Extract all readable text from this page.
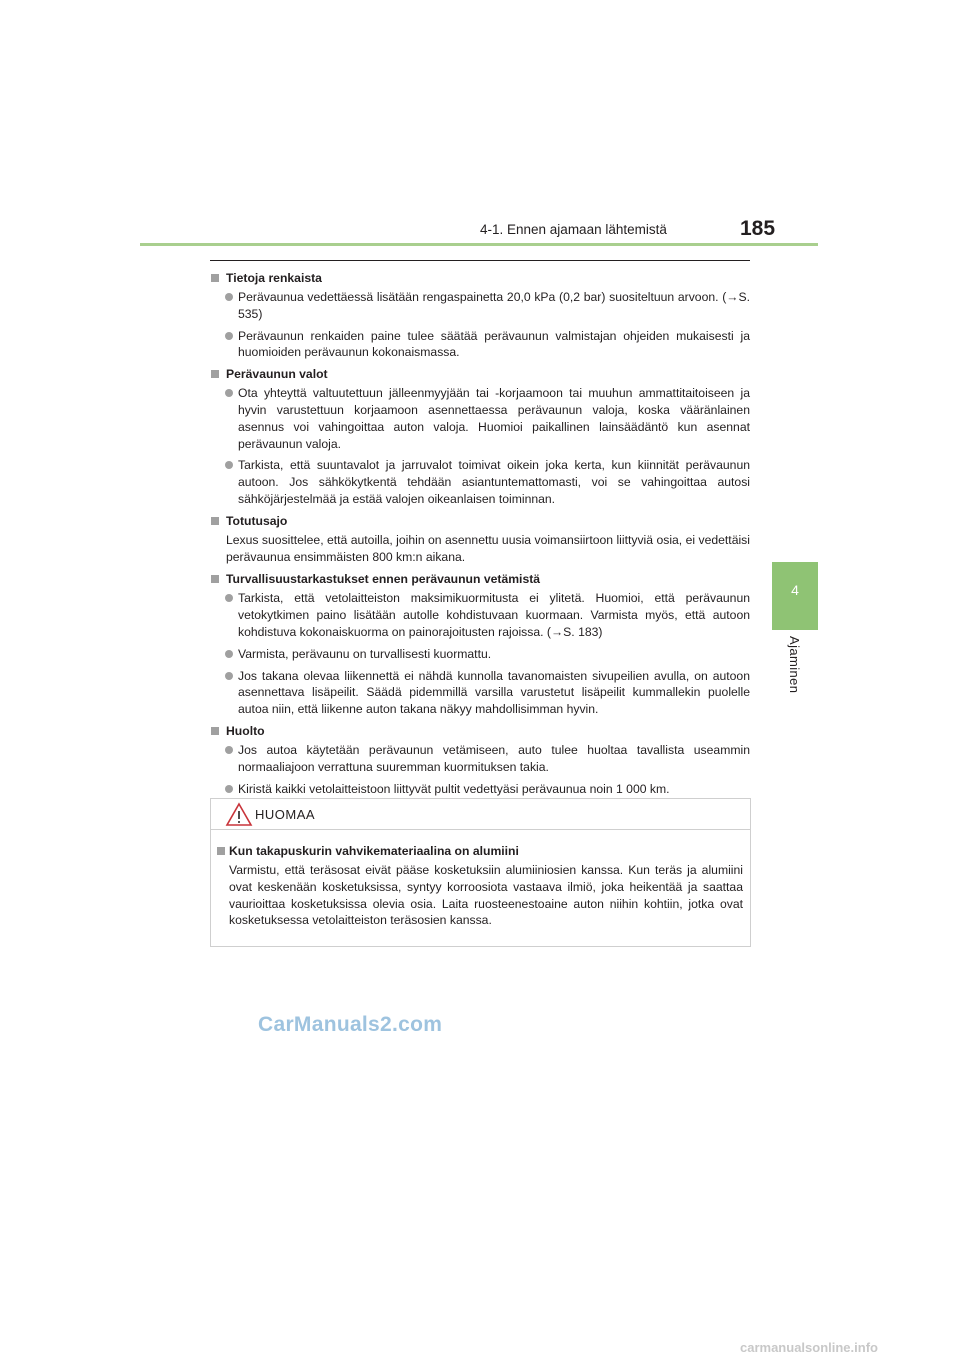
4-1. Ennen ajamaan lähtemistä	185
4
Ajaminen
Tietoja renkaista
Perävaunua vedettäessä lisätään rengaspainetta 20,0 kPa (0,2 bar) suositeltuun arvoon. (→S. 535)
Perävaunun renkaiden paine tulee säätää perävaunun valmistajan ohjeiden mukaisesti ja huomioiden perävaunun kokonaismassa.
Perävaunun valot
Ota yhteyttä valtuutettuun jälleenmyyjään tai -korjaamoon tai muuhun ammattitaitoiseen ja hyvin varustettuun korjaamoon asennettaessa perävaunun valoja, koska vääränlainen asennus voi vahingoittaa auton valoja. Huomioi paikallinen lainsäädäntö kun asennat perävaunun valoja.
Tarkista, että suuntavalot ja jarruvalot toimivat oikein joka kerta, kun kiinnität perävaunun autoon. Jos sähkökytkentä tehdään asiantuntemattomasti, voi se vahingoittaa autosi sähköjärjestelmää ja estää valojen oikeanlaisen toiminnan.
Totutusajo
Lexus suosittelee, että autoilla, joihin on asennettu uusia voimansiirtoon liittyviä osia, ei vedettäisi perävaunua ensimmäisten 800 km:n aikana.
Turvallisuustarkastukset ennen perävaunun vetämistä
Tarkista, että vetolaitteiston maksimikuormitusta ei ylitetä. Huomioi, että perävaunun vetokytkimen paino lisätään autolle kohdistuvaan kuormaan. Varmista myös, että autoon kohdistuva kokonaiskuorma on painorajoitusten rajoissa. (→S. 183)
Varmista, perävaunu on turvallisesti kuormattu.
Jos takana olevaa liikennettä ei nähdä kunnolla tavanomaisten sivupeilien avulla, on autoon asennettava lisäpeilit. Säädä pidemmillä varsilla varustetut lisäpeilit kummallekin puolelle autoa niin, että liikenne auton takana näkyy mahdollisimman hyvin.
Huolto
Jos autoa käytetään perävaunun vetämiseen, auto tulee huoltaa tavallista useammin normaaliajoon verrattuna suuremman kuormituksen takia.
Kiristä kaikki vetolaitteistoon liittyvät pultit vedettyäsi perävaunua noin 1 000 km.
HUOMAA
Kun takapuskurin vahvikemateriaalina on alumiini
Varmistu, että teräsosat eivät pääse kosketuksiin alumiiniosien kanssa. Kun teräs ja alumiini ovat keskenään kosketuksissa, syntyy korroosiota vastaava ilmiö, joka heikentää ja saattaa vaurioittaa kosketuksissa olevia osia. Laita ruosteenestoaine auton niihin kohtiin, jotka ovat kosketuksessa vetolaitteiston teräsosien kanssa.
CarManuals2.com
carmanualsonline.info
